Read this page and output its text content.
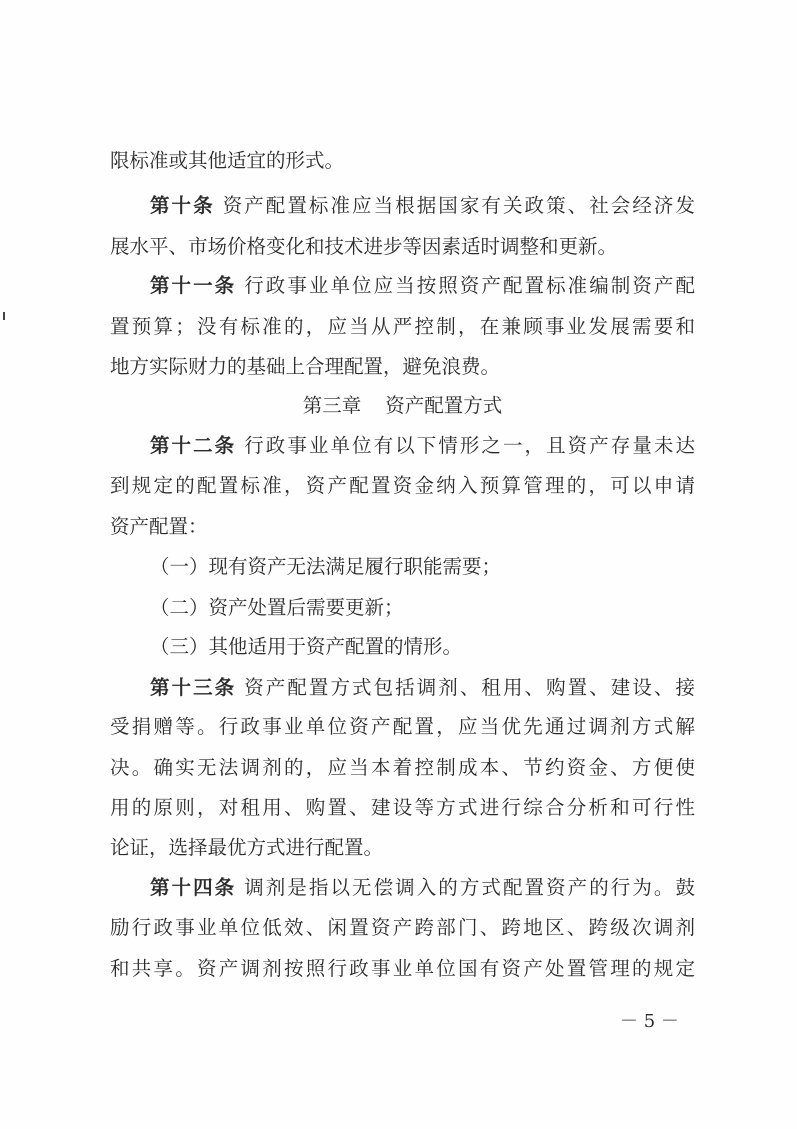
限标准或其他适宜的形式。
第十条 资产配置标准应当根据国家有关政策、社会经济发
展水平、市场价格变化和技术进步等因素适时调整和更新。
第十一条 行政事业单位应当按照资产配置标准编制资产配
置预算；没有标准的，应当从严控制，在兼顾事业发展需要和
地方实际财力的基础上合理配置，避免浪费。
第三章 资产配置方式
第十二条 行政事业单位有以下情形之一，且资产存量未达
到规定的配置标准，资产配置资金纳入预算管理的，可以申请
资产配置：
（一）现有资产无法满足履行职能需要；
（二）资产处置后需要更新；
（三）其他适用于资产配置的情形。
第十三条 资产配置方式包括调剂、租用、购置、建设、接
受捐赠等。行政事业单位资产配置，应当优先通过调剂方式解
决。确实无法调剂的，应当本着控制成本、节约资金、方便使
用的原则，对租用、购置、建设等方式进行综合分析和可行性
论证，选择最优方式进行配置。
第十四条 调剂是指以无偿调入的方式配置资产的行为。鼓
励行政事业单位低效、闲置资产跨部门、跨地区、跨级次调剂
和共享。资产调剂按照行政事业单位国有资产处置管理的规定
－ 5 －
